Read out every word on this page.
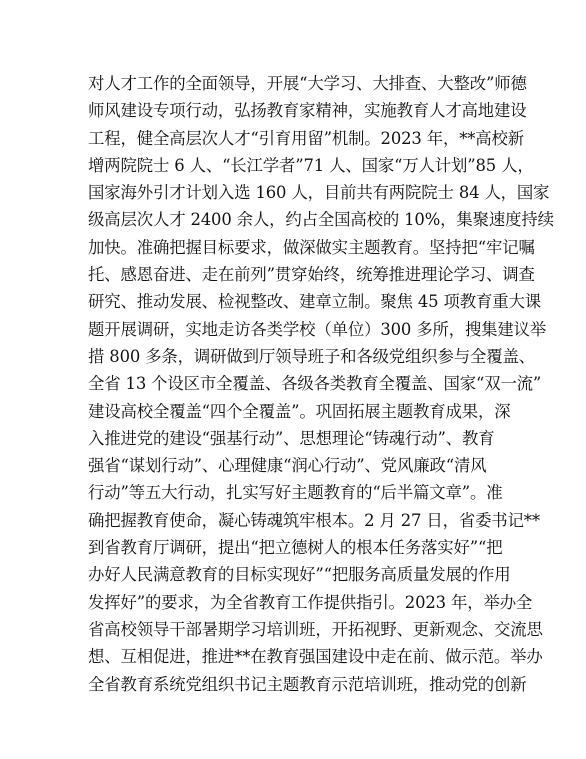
对人才工作的全面领导，开展“大学习、大排查、大整改”师德
师风建设专项行动，弘扬教育家精神，实施教育人才高地建设
工程，健全高层次人才“引育用留”机制。2023 年，**高校新
增两院院士 6 人、“长江学者”71 人、国家“万人计划”85 人，
国家海外引才计划入选 160 人，目前共有两院院士 84 人，国家
级高层次人才 2400 余人，约占全国高校的 10%，集聚速度持续
加快。准确把握目标要求，做深做实主题教育。坚持把“牢记嘱
托、感恩奋进、走在前列”贯穿始终，统筹推进理论学习、调查
研究、推动发展、检视整改、建章立制。聚焦 45 项教育重大课
题开展调研，实地走访各类学校（单位）300 多所，搜集建议举
措 800 多条，调研做到厅领导班子和各级党组织参与全覆盖、
全省 13 个设区市全覆盖、各级各类教育全覆盖、国家“双一流”
建设高校全覆盖“四个全覆盖”。巩固拓展主题教育成果，深
入推进党的建设“强基行动”、思想理论“铸魂行动”、教育
强省“谋划行动”、心理健康“润心行动”、党风廉政“清风
行动”等五大行动，扎实写好主题教育的“后半篇文章”。准
确把握教育使命，凝心铸魂筑牢根本。2 月 27 日，省委书记**
到省教育厅调研，提出“把立德树人的根本任务落实好”“把
办好人民满意教育的目标实现好”“把服务高质量发展的作用
发挥好”的要求，为全省教育工作提供指引。2023 年，举办全
省高校领导干部暑期学习培训班，开拓视野、更新观念、交流思
想、互相促进，推进**在教育强国建设中走在前、做示范。举办
全省教育系统党组织书记主题教育示范培训班，推动党的创新
